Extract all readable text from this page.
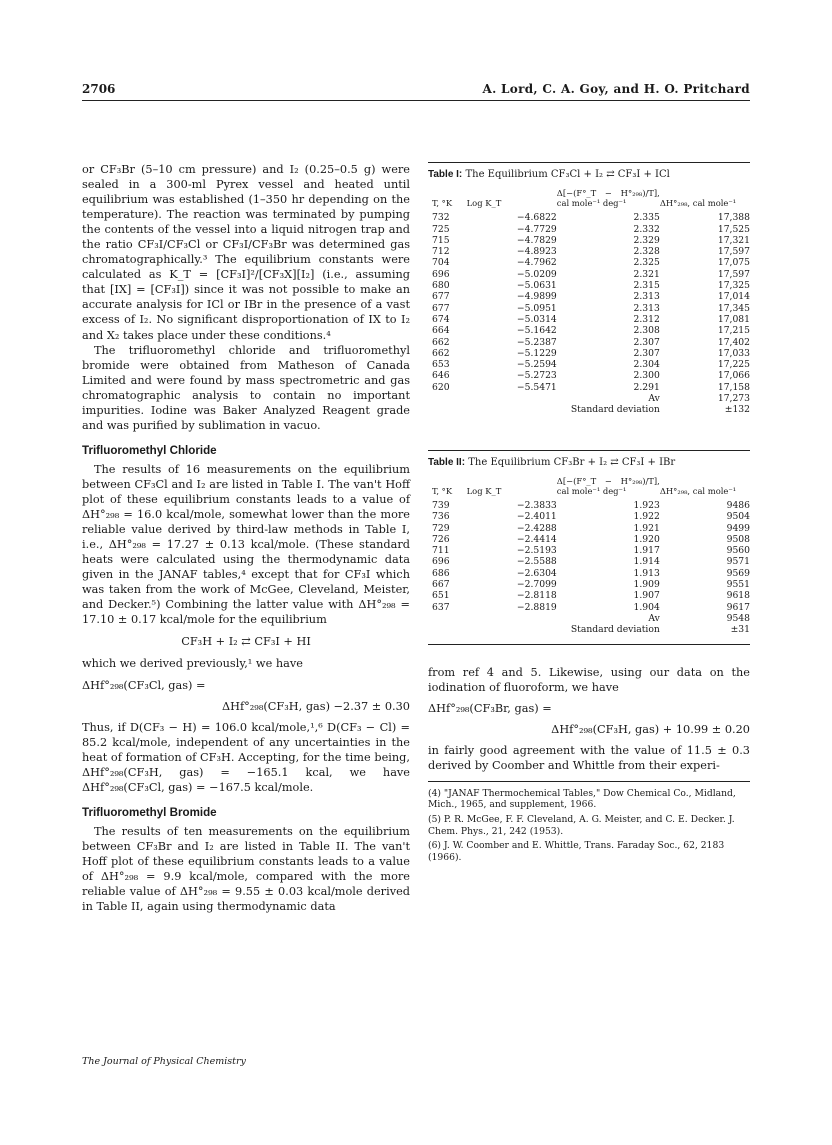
2706	A. Lord, C. A. Goy, and H. O. Pritchard

or CF₃Br (5–10 cm pressure) and I₂ (0.25–0.5 g) were sealed in a 300-ml Pyrex vessel and heated until equilibrium was established (1–350 hr depending on the temperature). The reaction was terminated by pumping the contents of the vessel into a liquid nitrogen trap and the ratio CF₃I/CF₃Cl or CF₃I/CF₃Br was determined gas chromatographically.³ The equilibrium constants were calculated as K_T = [CF₃I]²/[CF₃X][I₂] (i.e., assuming that [IX] = [CF₃I]) since it was not possible to make an accurate analysis for ICl or IBr in the presence of a vast excess of I₂. No significant disproportionation of IX to I₂ and X₂ takes place under these conditions.⁴

The trifluoromethyl chloride and trifluoromethyl bromide were obtained from Matheson of Canada Limited and were found by mass spectrometric and gas chromatographic analysis to contain no important impurities. Iodine was Baker Analyzed Reagent grade and was purified by sublimation in vacuo.

Trifluoromethyl Chloride

The results of 16 measurements on the equilibrium between CF₃Cl and I₂ are listed in Table I. The van't Hoff plot of these equilibrium constants leads to a value of ΔH°₂₉₈ = 16.0 kcal/mole, somewhat lower than the more reliable value derived by third-law methods in Table I, i.e., ΔH°₂₉₈ = 17.27 ± 0.13 kcal/mole. (These standard heats were calculated using the thermodynamic data given in the JANAF tables,⁴ except that for CF₃I which was taken from the work of McGee, Cleveland, Meister, and Decker.⁵) Combining the latter value with ΔH°₂₉₈ = 17.10 ± 0.17 kcal/mole for the equilibrium

CF₃H + I₂ ⇄ CF₃I + HI

which we derived previously,¹ we have

ΔHf°₂₉₈(CF₃Cl, gas) =
ΔHf°₂₉₈(CF₃H, gas) −2.37 ± 0.30

Thus, if D(CF₃ − H) = 106.0 kcal/mole,¹,⁶ D(CF₃ − Cl) = 85.2 kcal/mole, independent of any uncertainties in the heat of formation of CF₃H. Accepting, for the time being, ΔHf°₂₉₈(CF₃H, gas) = −165.1 kcal, we have ΔHf°₂₉₈(CF₃Cl, gas) = −167.5 kcal/mole.

Trifluoromethyl Bromide

The results of ten measurements on the equilibrium between CF₃Br and I₂ are listed in Table II. The van't Hoff plot of these equilibrium constants leads to a value of ΔH°₂₉₈ = 9.9 kcal/mole, compared with the more reliable value of ΔH°₂₉₈ = 9.55 ± 0.03 kcal/mole derived in Table II, again using thermodynamic data

Table I: The Equilibrium CF₃Cl + I₂ ⇄ CF₃I + ICl
T, °K	Log K_T	Δ[−(F°_T − H°₂₉₈)/T], cal mole⁻¹ deg⁻¹	ΔH°₂₉₈, cal mole⁻¹
732	−4.6822	2.335	17,388
725	−4.7729	2.332	17,525
715	−4.7829	2.329	17,321
712	−4.8923	2.328	17,597
704	−4.7962	2.325	17,075
696	−5.0209	2.321	17,597
680	−5.0631	2.315	17,325
677	−4.9899	2.313	17,014
677	−5.0951	2.313	17,345
674	−5.0314	2.312	17,081
664	−5.1642	2.308	17,215
662	−5.2387	2.307	17,402
662	−5.1229	2.307	17,033
653	−5.2594	2.304	17,225
646	−5.2723	2.300	17,066
620	−5.5471	2.291	17,158
Av			17,273
Standard deviation			±132
Table II: The Equilibrium CF₃Br + I₂ ⇄ CF₃I + IBr
T, °K	Log K_T	Δ[−(F°_T − H°₂₉₈)/T], cal mole⁻¹ deg⁻¹	ΔH°₂₉₈, cal mole⁻¹
739	−2.3833	1.923	9486
736	−2.4011	1.922	9504
729	−2.4288	1.921	9499
726	−2.4414	1.920	9508
711	−2.5193	1.917	9560
696	−2.5588	1.914	9571
686	−2.6304	1.913	9569
667	−2.7099	1.909	9551
651	−2.8118	1.907	9618
637	−2.8819	1.904	9617
Av			9548
Standard deviation			±31

from ref 4 and 5. Likewise, using our data on the iodination of fluoroform, we have

ΔHf°₂₉₈(CF₃Br, gas) =
ΔHf°₂₉₈(CF₃H, gas) + 10.99 ± 0.20

in fairly good agreement with the value of 11.5 ± 0.3 derived by Coomber and Whittle from their experi-

(4) "JANAF Thermochemical Tables," Dow Chemical Co., Midland, Mich., 1965, and supplement, 1966.
(5) P. R. McGee, F. F. Cleveland, A. G. Meister, and C. E. Decker. J. Chem. Phys., 21, 242 (1953).
(6) J. W. Coomber and E. Whittle, Trans. Faraday Soc., 62, 2183 (1966).
The Journal of Physical Chemistry
